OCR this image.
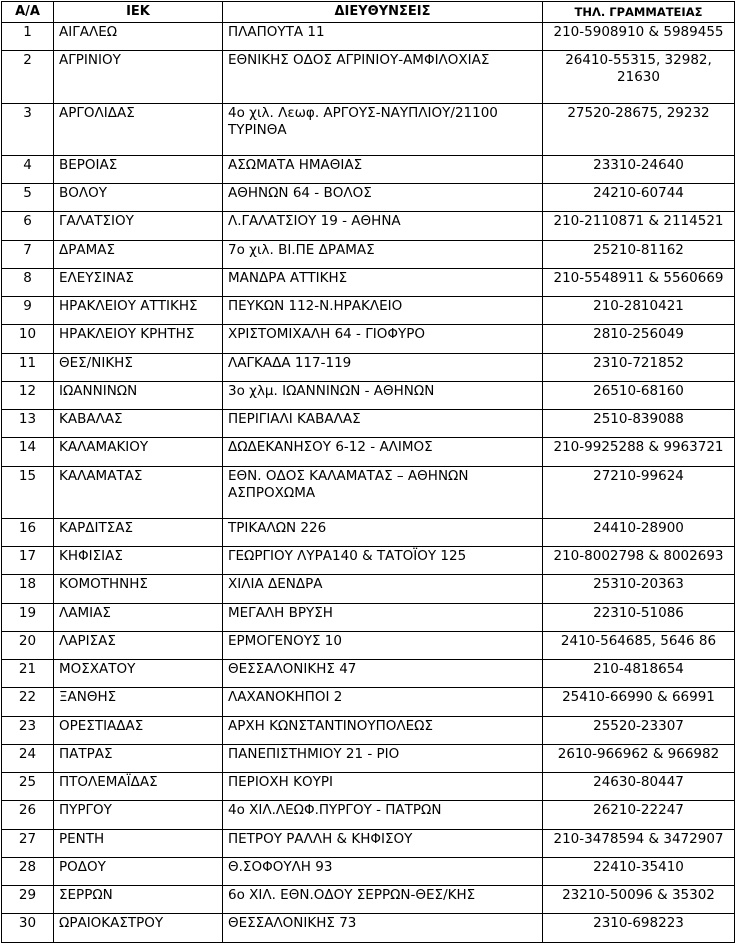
Α/Α	ΙΕΚ	ΔΙΕΥΘΥΝΣΕΙΣ	ΤΗΛ. ΓΡΑΜΜΑΤΕΙΑΣ
1	ΑΙΓΑΛΕΩ	ΠΛΑΠΟΥΤΑ 11	210-5908910 & 5989455
2	ΑΓΡΙΝΙΟΥ	ΕΘΝΙΚΗΣ ΟΔΟΣ ΑΓΡΙΝΙΟΥ-ΑΜΦΙΛΟΧΙΑΣ	26410-55315, 32982, 21630
3	ΑΡΓΟΛΙΔΑΣ	4ο χιλ. Λεωφ. ΑΡΓΟΥΣ-ΝΑΥΠΛΙΟΥ/21100 ΤΥΡΙΝΘΑ	27520-28675, 29232
4	ΒΕΡΟΙΑΣ	ΑΣΩΜΑΤΑ ΗΜΑΘΙΑΣ	23310-24640
5	ΒΟΛΟΥ	ΑΘΗΝΩΝ 64 - ΒΟΛΟΣ	24210-60744
6	ΓΑΛΑΤΣΙΟΥ	Λ.ΓΑΛΑΤΣΙΟΥ 19 - ΑΘΗΝΑ	210-2110871 & 2114521
7	ΔΡΑΜΑΣ	7ο χιλ. ΒΙ.ΠΕ ΔΡΑΜΑΣ	25210-81162
8	ΕΛΕΥΣΙΝΑΣ	ΜΑΝΔΡΑ ΑΤΤΙΚΗΣ	210-5548911 & 5560669
9	ΗΡΑΚΛΕΙΟΥ ΑΤΤΙΚΗΣ	ΠΕΥΚΩΝ 112-Ν.ΗΡΑΚΛΕΙΟ	210-2810421
10	ΗΡΑΚΛΕΙΟΥ ΚΡΗΤΗΣ	ΧΡΙΣΤΟΜΙΧΑΛΗ 64 - ΓΙΟΦΥΡΟ	2810-256049
11	ΘΕΣ/ΝΙΚΗΣ	ΛΑΓΚΑΔΑ 117-119	2310-721852
12	ΙΩΑΝΝΙΝΩΝ	3ο χλμ. ΙΩΑΝΝΙΝΩΝ - ΑΘΗΝΩΝ	26510-68160
13	ΚΑΒΑΛΑΣ	ΠΕΡΙΓΙΑΛΙ ΚΑΒΑΛΑΣ	2510-839088
14	ΚΑΛΑΜΑΚΙΟΥ	ΔΩΔΕΚΑΝΗΣΟΥ 6-12 - ΑΛΙΜΟΣ	210-9925288 & 9963721
15	ΚΑΛΑΜΑΤΑΣ	ΕΘΝ. ΟΔΟΣ ΚΑΛΑΜΑΤΑΣ – ΑΘΗΝΩΝ ΑΣΠΡΟΧΩΜΑ	27210-99624
16	ΚΑΡΔΙΤΣΑΣ	ΤΡΙΚΑΛΩΝ 226	24410-28900
17	ΚΗΦΙΣΙΑΣ	ΓΕΩΡΓΙΟΥ ΛΥΡΑ140 & ΤΑΤΟΪΟΥ 125	210-8002798 & 8002693
18	ΚΟΜΟΤΗΝΗΣ	ΧΙΛΙΑ ΔΕΝΔΡΑ	25310-20363
19	ΛΑΜΙΑΣ	ΜΕΓΑΛΗ ΒΡΥΣΗ	22310-51086
20	ΛΑΡΙΣΑΣ	ΕΡΜΟΓΕΝΟΥΣ 10	2410-564685, 5646 86
21	ΜΟΣΧΑΤΟΥ	ΘΕΣΣΑΛΟΝΙΚΗΣ 47	210-4818654
22	ΞΑΝΘΗΣ	ΛΑΧΑΝΟΚΗΠΟΙ 2	25410-66990 & 66991
23	ΟΡΕΣΤΙΑΔΑΣ	ΑΡΧΗ ΚΩΝΣΤΑΝΤΙΝΟΥΠΟΛΕΩΣ	25520-23307
24	ΠΑΤΡΑΣ	ΠΑΝΕΠΙΣΤΗΜΙΟΥ 21 - ΡΙΟ	2610-966962 & 966982
25	ΠΤΟΛΕΜΑΪΔΑΣ	ΠΕΡΙΟΧΗ ΚΟΥΡΙ	24630-80447
26	ΠΥΡΓΟΥ	4ο ΧΙΛ.ΛΕΩΦ.ΠΥΡΓΟΥ - ΠΑΤΡΩΝ	26210-22247
27	ΡΕΝΤΗ	ΠΕΤΡΟΥ ΡΑΛΛΗ & ΚΗΦΙΣΟΥ	210-3478594 & 3472907
28	ΡΟΔΟΥ	Θ.ΣΟΦΟΥΛΗ 93	22410-35410
29	ΣΕΡΡΩΝ	6ο ΧΙΛ. ΕΘΝ.ΟΔΟΥ ΣΕΡΡΩΝ-ΘΕΣ/ΚΗΣ	23210-50096 & 35302
30	ΩΡΑΙΟΚΑΣΤΡΟΥ	ΘΕΣΣΑΛΟΝΙΚΗΣ 73	2310-698223
